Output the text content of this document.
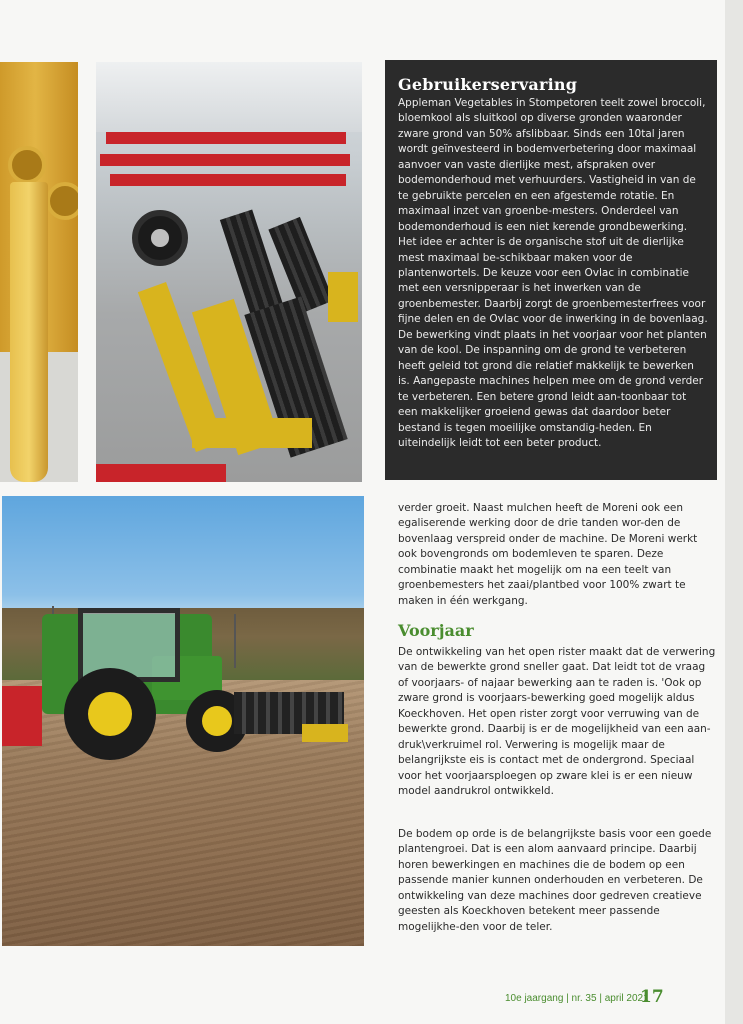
Gebruikerservaring

Appleman Vegetables in Stompetoren teelt zowel broccoli, bloemkool als sluitkool op diverse gronden waaronder zware grond van 50% afslibbaar. Sinds een 10tal jaren wordt geïnvesteerd in bodemverbetering door maximaal aanvoer van vaste dierlijke mest, afspraken over bodemonderhoud met verhuurders. Vastigheid in van de te gebruikte percelen en een afgestemde rotatie. En maximaal inzet van groenbe-mesters. Onderdeel van bodemonderhoud is een niet kerende grondbewerking. Het idee er achter is de organische stof uit de dierlijke mest maximaal be-schikbaar maken voor de plantenwortels. De keuze voor een Ovlac in combinatie met een versnipperaar is het inwerken van de groenbemester. Daarbij zorgt de groenbemesterfrees voor fijne delen en de Ovlac voor de inwerking in de bovenlaag. De bewerking vindt plaats in het voorjaar voor het planten van de kool. De inspanning om de grond te verbeteren heeft geleid tot grond die relatief makkelijk te bewerken is. Aangepaste machines helpen mee om de grond verder te verbeteren. Een betere grond leidt aan-toonbaar tot een makkelijker groeiend gewas dat daardoor beter bestand is tegen moeilijke omstandig-heden. En uiteindelijk leidt tot een beter product.

verder groeit. Naast mulchen heeft de Moreni ook een egaliserende werking door de drie tanden wor-den de bovenlaag verspreid onder de machine. De Moreni werkt ook bovengronds om bodemleven te sparen. Deze combinatie maakt het mogelijk om na een teelt van groenbemesters het zaai/plantbed voor 100% zwart te maken in één werkgang.

Voorjaar

De ontwikkeling van het open rister maakt dat de verwering van de bewerkte grond sneller gaat. Dat leidt tot de vraag of voorjaars- of najaar bewerking aan te raden is. 'Ook op zware grond is voorjaars-bewerking goed mogelijk aldus Koeckhoven. Het open rister zorgt voor verruwing van de bewerkte grond. Daarbij is er de mogelijkheid van een aan-druk\verkruimel rol. Verwering is mogelijk maar de belangrijkste eis is contact met de ondergrond. Speciaal voor het voorjaarsploegen op zware klei is er een nieuw model aandrukrol ontwikkeld.

De bodem op orde is de belangrijkste basis voor een goede plantengroei. Dat is een alom aanvaard principe. Daarbij horen bewerkingen en machines die de bodem op een passende manier kunnen onderhouden en verbeteren. De ontwikkeling van deze machines door gedreven creatieve geesten als Koeckhoven betekent meer passende mogelijkhe-den voor de teler.

10e jaargang | nr. 35 | april 2021
17
